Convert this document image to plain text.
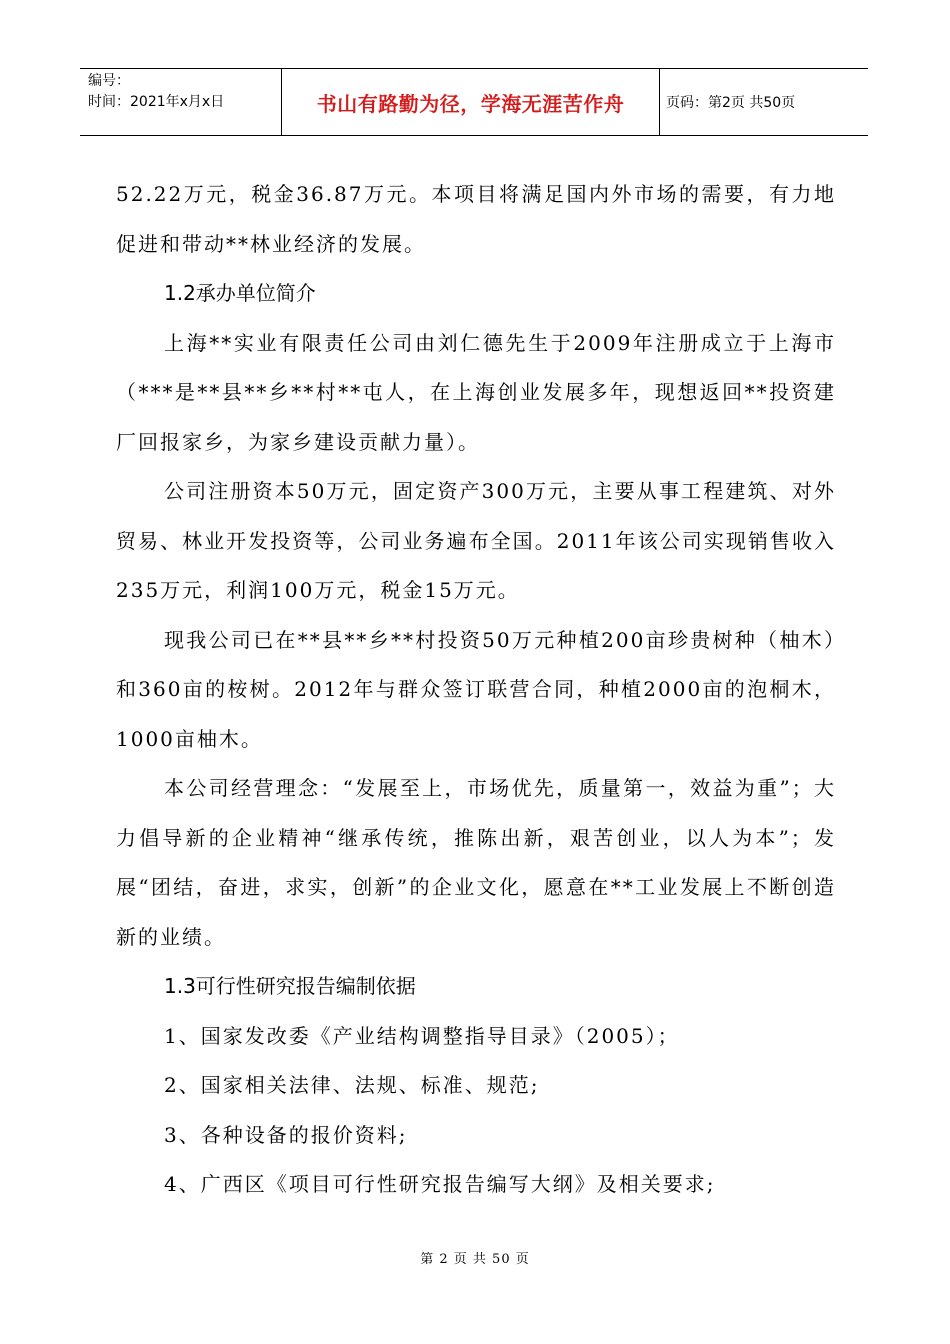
编号：
时间：2021年x月x日	书山有路勤为径，学海无涯苦作舟	页码：第2页 共50页

52.22万元，税金36.87万元。本项目将满足国内外市场的需要，有力地促进和带动**林业经济的发展。

1.2承办单位简介

上海**实业有限责任公司由刘仁德先生于2009年注册成立于上海市（***是**县**乡**村**屯人，在上海创业发展多年，现想返回**投资建厂回报家乡，为家乡建设贡献力量）。

公司注册资本50万元，固定资产300万元，主要从事工程建筑、对外贸易、林业开发投资等，公司业务遍布全国。2011年该公司实现销售收入235万元，利润100万元，税金15万元。

现我公司已在**县**乡**村投资50万元种植200亩珍贵树种（柚木）和360亩的桉树。2012年与群众签订联营合同，种植2000亩的泡桐木，1000亩柚木。

本公司经营理念：“发展至上，市场优先，质量第一，效益为重”；大力倡导新的企业精神“继承传统，推陈出新，艰苦创业，以人为本”；发展“团结，奋进，求实，创新”的企业文化，愿意在**工业发展上不断创造新的业绩。

1.3可行性研究报告编制依据

1、国家发改委《产业结构调整指导目录》（2005）；

2、国家相关法律、法规、标准、规范;

3、各种设备的报价资料;

4、广西区《项目可行性研究报告编写大纲》及相关要求;

第 2 页 共 50 页
